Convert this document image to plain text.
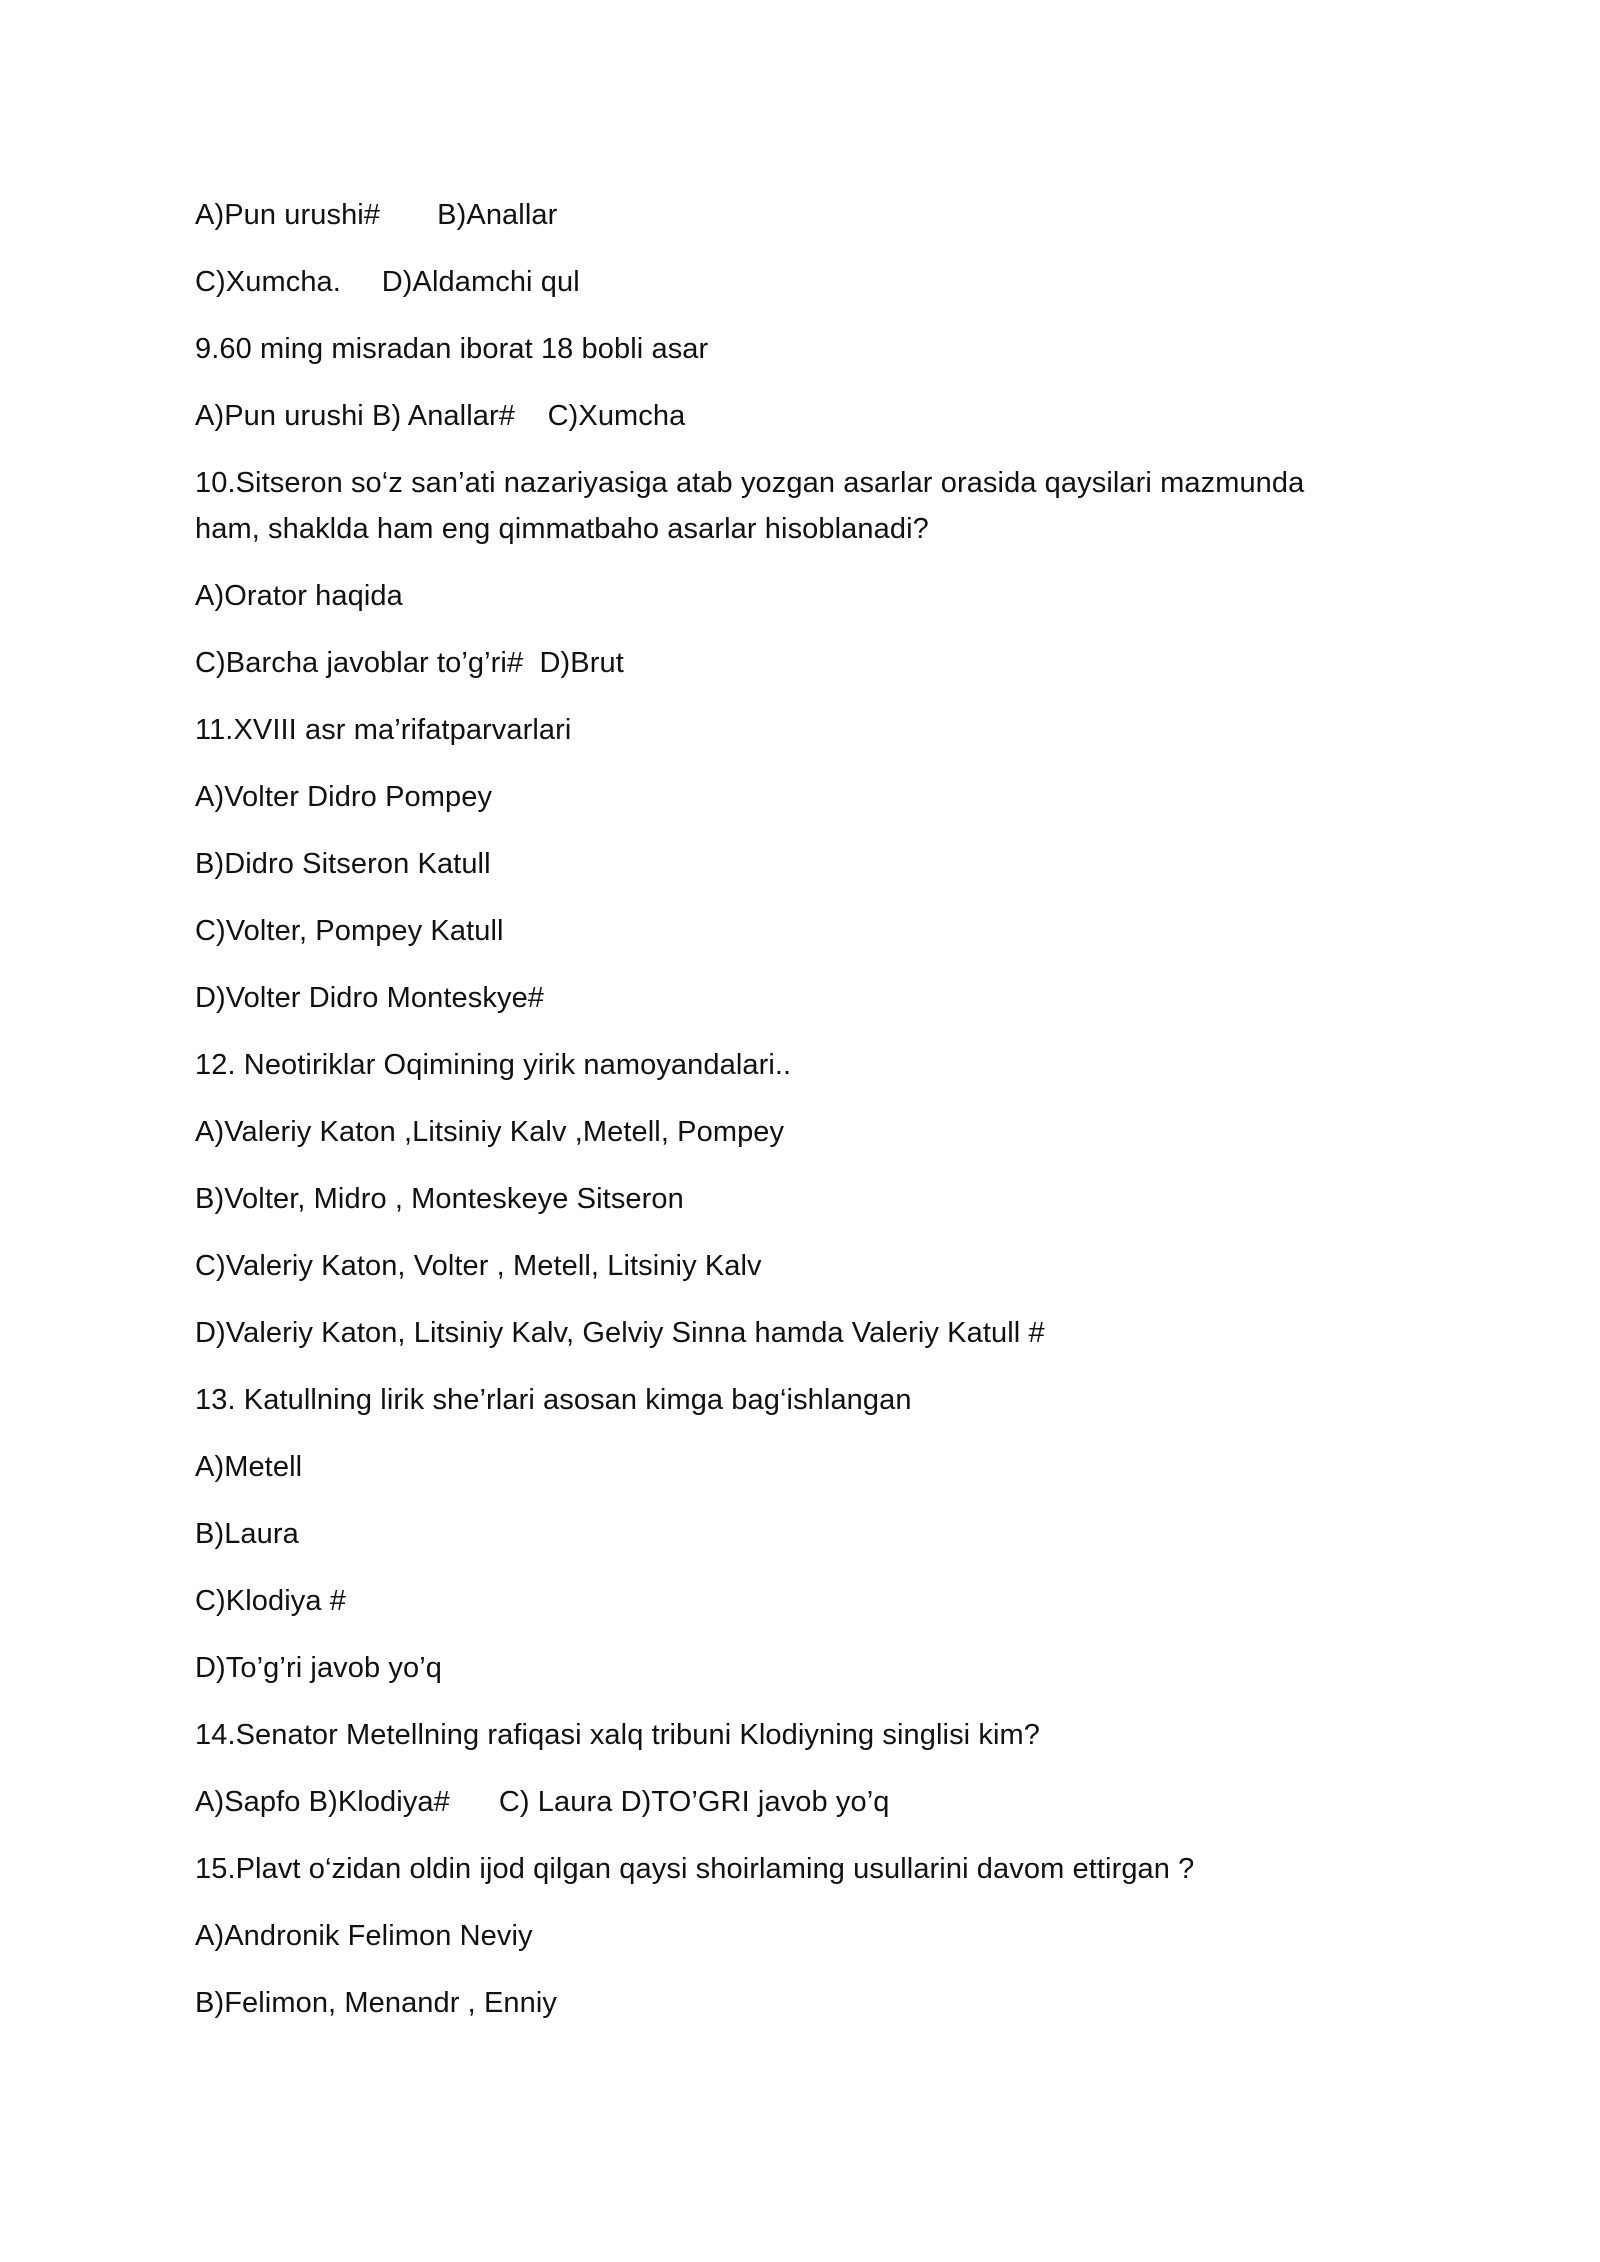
A)Pun urushi#       B)Anallar
C)Xumcha.     D)Aldamchi qul
9.60 ming misradan iborat 18 bobli asar
A)Pun urushi B) Anallar#    C)Xumcha
10.Sitseron so‘z san’ati nazariyasiga atab yozgan asarlar orasida qaysilari mazmunda
ham, shaklda ham eng qimmatbaho asarlar hisoblanadi?
A)Orator haqida
C)Barcha javoblar to’g’ri#  D)Brut
11.XVIII asr ma’rifatparvarlari
A)Volter Didro Pompey
B)Didro Sitseron Katull
C)Volter, Pompey Katull
D)Volter Didro Monteskye#
12. Neotiriklar Oqimining yirik namoyandalari..
A)Valeriy Katon ,Litsiniy Kalv ,Metell, Pompey
B)Volter, Midro , Monteskeye Sitseron
C)Valeriy Katon, Volter , Metell, Litsiniy Kalv
D)Valeriy Katon, Litsiniy Kalv, Gelviy Sinna hamda Valeriy Katull #
13. Katullning lirik she’rlari asosan kimga bag‘ishlangan
A)Metell
B)Laura
C)Klodiya #
D)To’g’ri javob yo’q
14.Senator Metellning rafiqasi xalq tribuni Klodiyning singlisi kim?
A)Sapfo B)Klodiya#      C) Laura D)TO’GRI javob yo’q
15.Plavt o‘zidan oldin ijod qilgan qaysi shoirlaming usullarini davom ettirgan ?
A)Andronik Felimon Neviy
B)Felimon, Menandr , Enniy
